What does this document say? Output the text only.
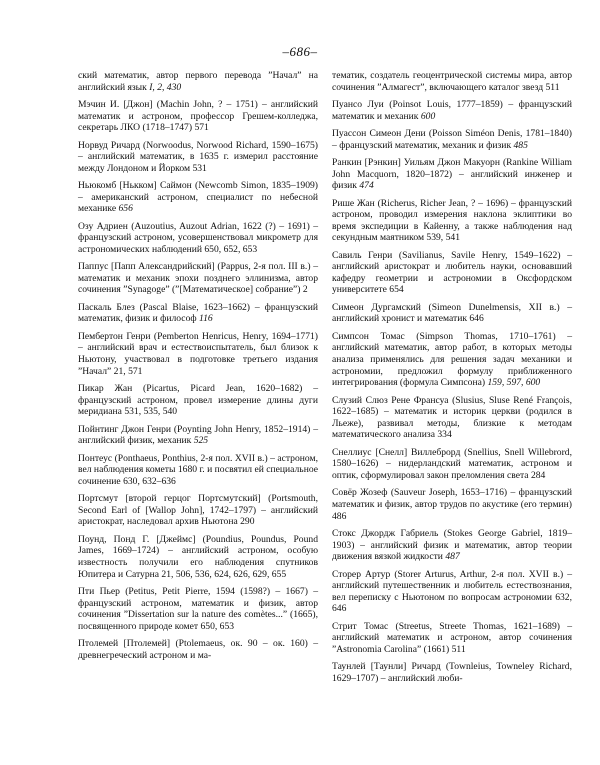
–686–

ский математик, автор первого перевода ”Начал” на английский язык I, 2, 430

Мэчин И. [Джон] (Machin John, ? – 1751) – английский математик и астроном, профессор Грешем-колледжа, секретарь ЛКО (1718–1747) 571

Норвуд Ричард (Norwoodus, Norwood Richard, 1590–1675) – английский математик, в 1635 г. измерил расстояние между Лондоном и Йорком 531

Ньюкомб [Нькком] Саймон (Newcomb Simon, 1835–1909) – американский астроном, специалист по небесной механике 656

Озу Адриен (Auzoutius, Auzout Adrian, 1622 (?) – 1691) – французский астроном, усовершенствовал микрометр для астрономических наблюдений 650, 652, 653

Паппус [Папп Александрийский] (Pappus, 2-я пол. III в.) – математик и механик эпохи позднего эллинизма, автор сочинения ”Synagoge” (”[Математическое] собрание”) 2

Паскаль Блез (Pascal Blaise, 1623–1662) – французский математик, физик и философ 116

Пембертон Генри (Pemberton Henricus, Henry, 1694–1771) – английский врач и естествоиспытатель, был близок к Ньютону, участвовал в подготовке третьего издания ”Начал” 21, 571

Пикар Жан (Picartus, Picard Jean, 1620–1682) – французский астроном, провел измерение длины дуги меридиана 531, 535, 540

Пойнтинг Джон Генри (Poynting John Henry, 1852–1914) – английский физик, механик 525

Понтеус (Ponthaeus, Ponthius, 2-я пол. XVII в.) – астроном, вел наблюдения кометы 1680 г. и посвятил ей специальное сочинение 630, 632–636

Портсмут [второй герцог Портсмутский] (Portsmouth, Second Earl of [Wallop John], 1742–1797) – английский аристократ, наследовал архив Ньютона 290

Поунд, Понд Г. [Джеймс] (Poundius, Poundus, Pound James, 1669–1724) – английский астроном, особую известность получили его наблюдения спутников Юпитера и Сатурна 21, 506, 536, 624, 626, 629, 655

Пти Пьер (Petitus, Petit Pierre, 1594 (1598?) – 1667) – французский астроном, математик и физик, автор сочинения ”Dissertation sur la nature des comètes...” (1665), посвященного природе комет 650, 653

Птолемей [Птолемей] (Ptolemaeus, ок. 90 – ок. 160) – древнегреческий астроном и ма-

тематик, создатель геоцентрической системы мира, автор сочинения ”Алмагест”, включающего каталог звезд 511

Пуансо Луи (Poinsot Louis, 1777–1859) – французский математик и механик 600

Пуассон Симеон Дени (Poisson Siméon Denis, 1781–1840) – французский математик, механик и физик 485

Ранкин [Рэнкин] Уильям Джон Макуорн (Rankine William John Macquorn, 1820–1872) – английский инженер и физик 474

Рише Жан (Richerus, Richer Jean, ? – 1696) – французский астроном, проводил измерения наклона эклиптики во время экспедиции в Кайенну, а также наблюдения над секундным маятником 539, 541

Савиль Генри (Savilianus, Savile Henry, 1549–1622) – английский аристократ и любитель науки, основавший кафедру геометрии и астрономии в Оксфордском университете 654

Симеон Дургамский (Simeon Dunelmensis, XII в.) – английский хронист и математик 646

Симпсон Томас (Simpson Thomas, 1710–1761) – английский математик, автор работ, в которых методы анализа применялись для решения задач механики и астрономии, предложил формулу приближенного интегрирования (формула Симпсона) 159, 597, 600

Слузий Слюз Рене Франсуа (Slusius, Sluse René François, 1622–1685) – математик и историк церкви (родился в Льеже), развивал методы, близкие к методам математического анализа 334

Снеллиус [Снелл] Виллеброрд (Snellius, Snell Willebrord, 1580–1626) – нидерландский математик, астроном и оптик, сформулировал закон преломления света 284

Совёр Жозеф (Sauveur Joseph, 1653–1716) – французский математик и физик, автор трудов по акустике (его термин) 486

Стокс Джордж Габриель (Stokes George Gabriel, 1819–1903) – английский физик и математик, автор теории движения вязкой жидкости 487

Сторер Артур (Storer Arturus, Arthur, 2-я пол. XVII в.) – английский путешественник и любитель естествознания, вел переписку с Ньютоном по вопросам астрономии 632, 646

Стрит Томас (Streetus, Streete Thomas, 1621–1689) – английский математик и астроном, автор сочинения ”Astronomia Carolina” (1661) 511

Таунлей [Таунли] Ричард (Townleius, Towneley Richard, 1629–1707) – английский люби-
